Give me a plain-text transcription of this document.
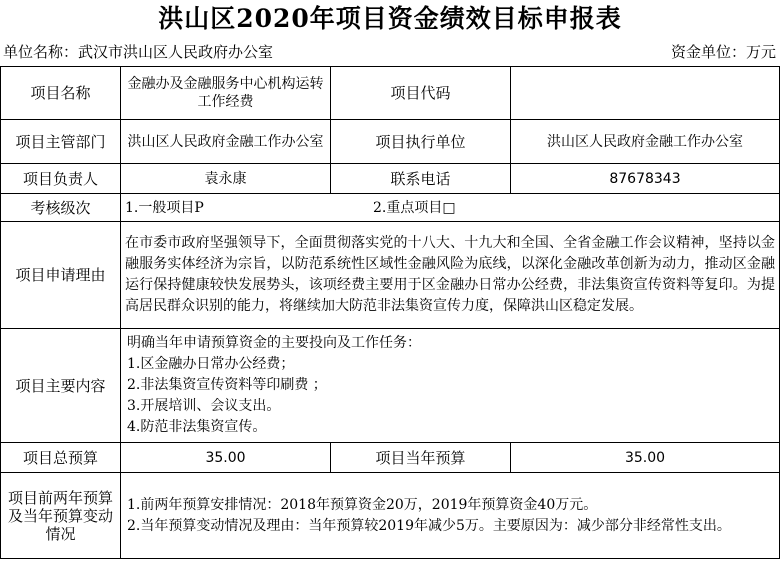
洪山区2020年项目资金绩效目标申报表
单位名称：武汉市洪山区人民政府办公室	资金单位：万元
项目名称	金融办及金融服务中心机构运转工作经费	项目代码	
项目主管部门	洪山区人民政府金融工作办公室	项目执行单位	洪山区人民政府金融工作办公室
项目负责人	袁永康	联系电话	87678343
考核级次	1.一般项目P 2.重点项目□		
项目申请理由	在市委市政府坚强领导下，全面贯彻落实党的十八大、十九大和全国、全省金融工作会议精神，坚持以金融服务实体经济为宗旨，以防范系统性区域性金融风险为底线，以深化金融改革创新为动力，推动区金融运行保持健康较快发展势头，该项经费主要用于区金融办日常办公经费，非法集资宣传资料等复印。为提高居民群众识别的能力，将继续加大防范非法集资宣传力度，保障洪山区稳定发展。		
项目主要内容	明确当年申请预算资金的主要投向及工作任务：
1.区金融办日常办公经费；
2.非法集资宣传资料等印刷费 ；
3.开展培训、会议支出。
4.防范非法集资宣传。		

项目总预算	35.00	项目当年预算	35.00
项目前两年预算及当年预算变动情况	1.前两年预算安排情况：2018年预算资金20万，2019年预算资金40万元。
2.当年预算变动情况及理由：当年预算较2019年减少5万。主要原因为：减少部分非经常性支出。		
